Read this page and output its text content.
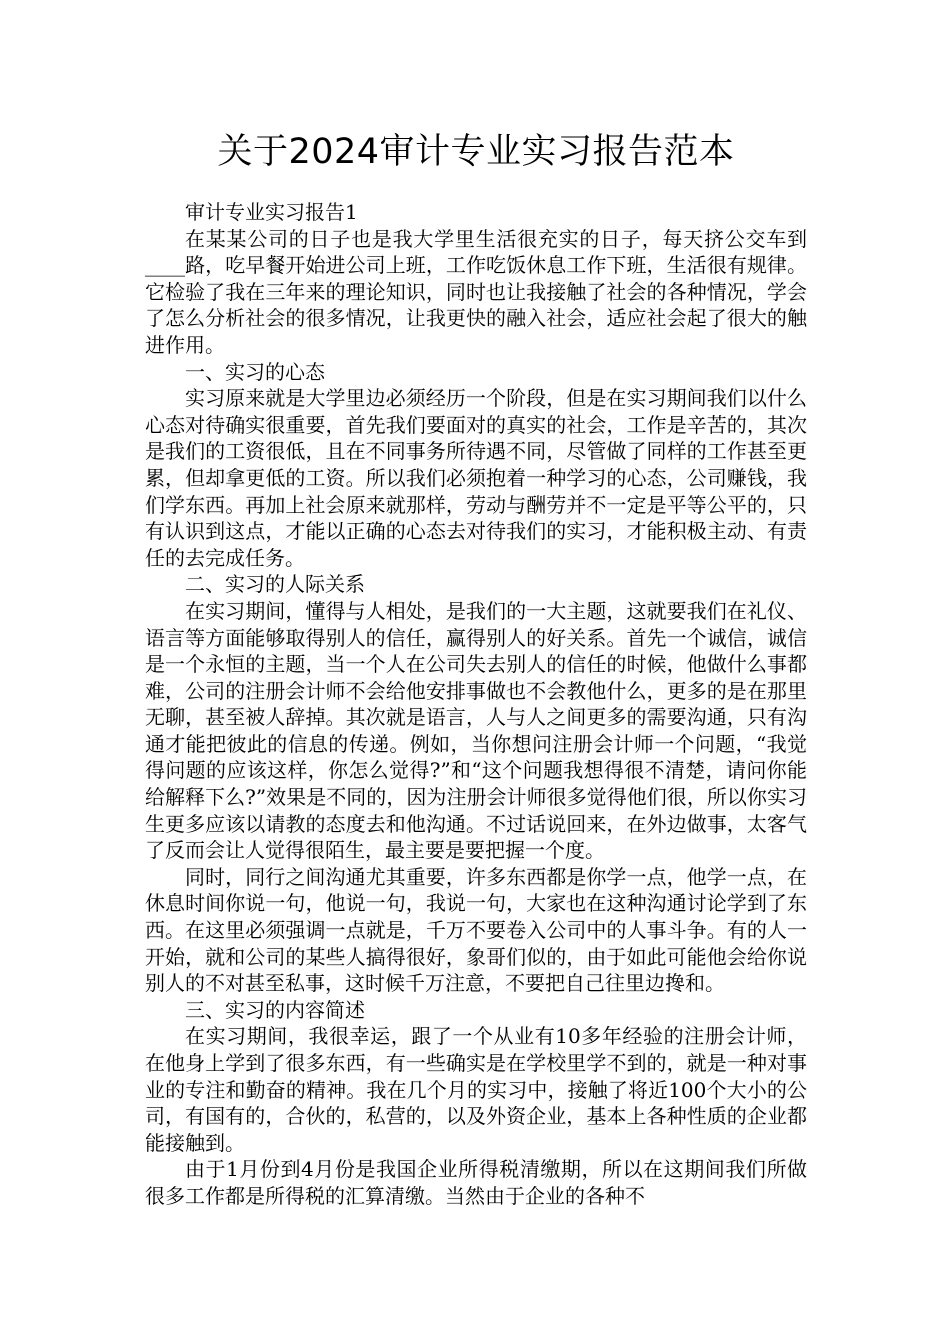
关于2024审计专业实习报告范本

审计专业实习报告1

在某某公司的日子也是我大学里生活很充实的日子，每天挤公交车到____路，吃早餐开始进公司上班，工作吃饭休息工作下班，生活很有规律。它检验了我在三年来的理论知识，同时也让我接触了社会的各种情况，学会了怎么分析社会的很多情况，让我更快的融入社会，适应社会起了很大的触进作用。

一、实习的心态

实习原来就是大学里边必须经历一个阶段，但是在实习期间我们以什么心态对待确实很重要，首先我们要面对的真实的社会，工作是辛苦的，其次是我们的工资很低，且在不同事务所待遇不同，尽管做了同样的工作甚至更累，但却拿更低的工资。所以我们必须抱着一种学习的心态，公司赚钱，我们学东西。再加上社会原来就那样，劳动与酬劳并不一定是平等公平的，只有认识到这点，才能以正确的心态去对待我们的实习，才能积极主动、有责任的去完成任务。

二、实习的人际关系

在实习期间，懂得与人相处，是我们的一大主题，这就要我们在礼仪、语言等方面能够取得别人的信任，赢得别人的好关系。首先一个诚信，诚信是一个永恒的主题，当一个人在公司失去别人的信任的时候，他做什么事都难，公司的注册会计师不会给他安排事做也不会教他什么，更多的是在那里无聊，甚至被人辞掉。其次就是语言，人与人之间更多的需要沟通，只有沟通才能把彼此的信息的传递。例如，当你想问注册会计师一个问题，“我觉得问题的应该这样，你怎么觉得?”和“这个问题我想得很不清楚，请问你能给解释下么?”效果是不同的，因为注册会计师很多觉得他们很，所以你实习生更多应该以请教的态度去和他沟通。不过话说回来，在外边做事，太客气了反而会让人觉得很陌生，最主要是要把握一个度。

同时，同行之间沟通尤其重要，许多东西都是你学一点，他学一点，在休息时间你说一句，他说一句，我说一句，大家也在这种沟通讨论学到了东西。在这里必须强调一点就是，千万不要卷入公司中的人事斗争。有的人一开始，就和公司的某些人搞得很好，象哥们似的，由于如此可能他会给你说别人的不对甚至私事，这时候千万注意，不要把自己往里边搀和。

三、实习的内容简述

在实习期间，我很幸运，跟了一个从业有10多年经验的注册会计师，在他身上学到了很多东西，有一些确实是在学校里学不到的，就是一种对事业的专注和勤奋的精神。我在几个月的实习中，接触了将近100个大小的公司，有国有的，合伙的，私营的，以及外资企业，基本上各种性质的企业都能接触到。

由于1月份到4月份是我国企业所得税清缴期，所以在这期间我们所做很多工作都是所得税的汇算清缴。当然由于企业的各种不
